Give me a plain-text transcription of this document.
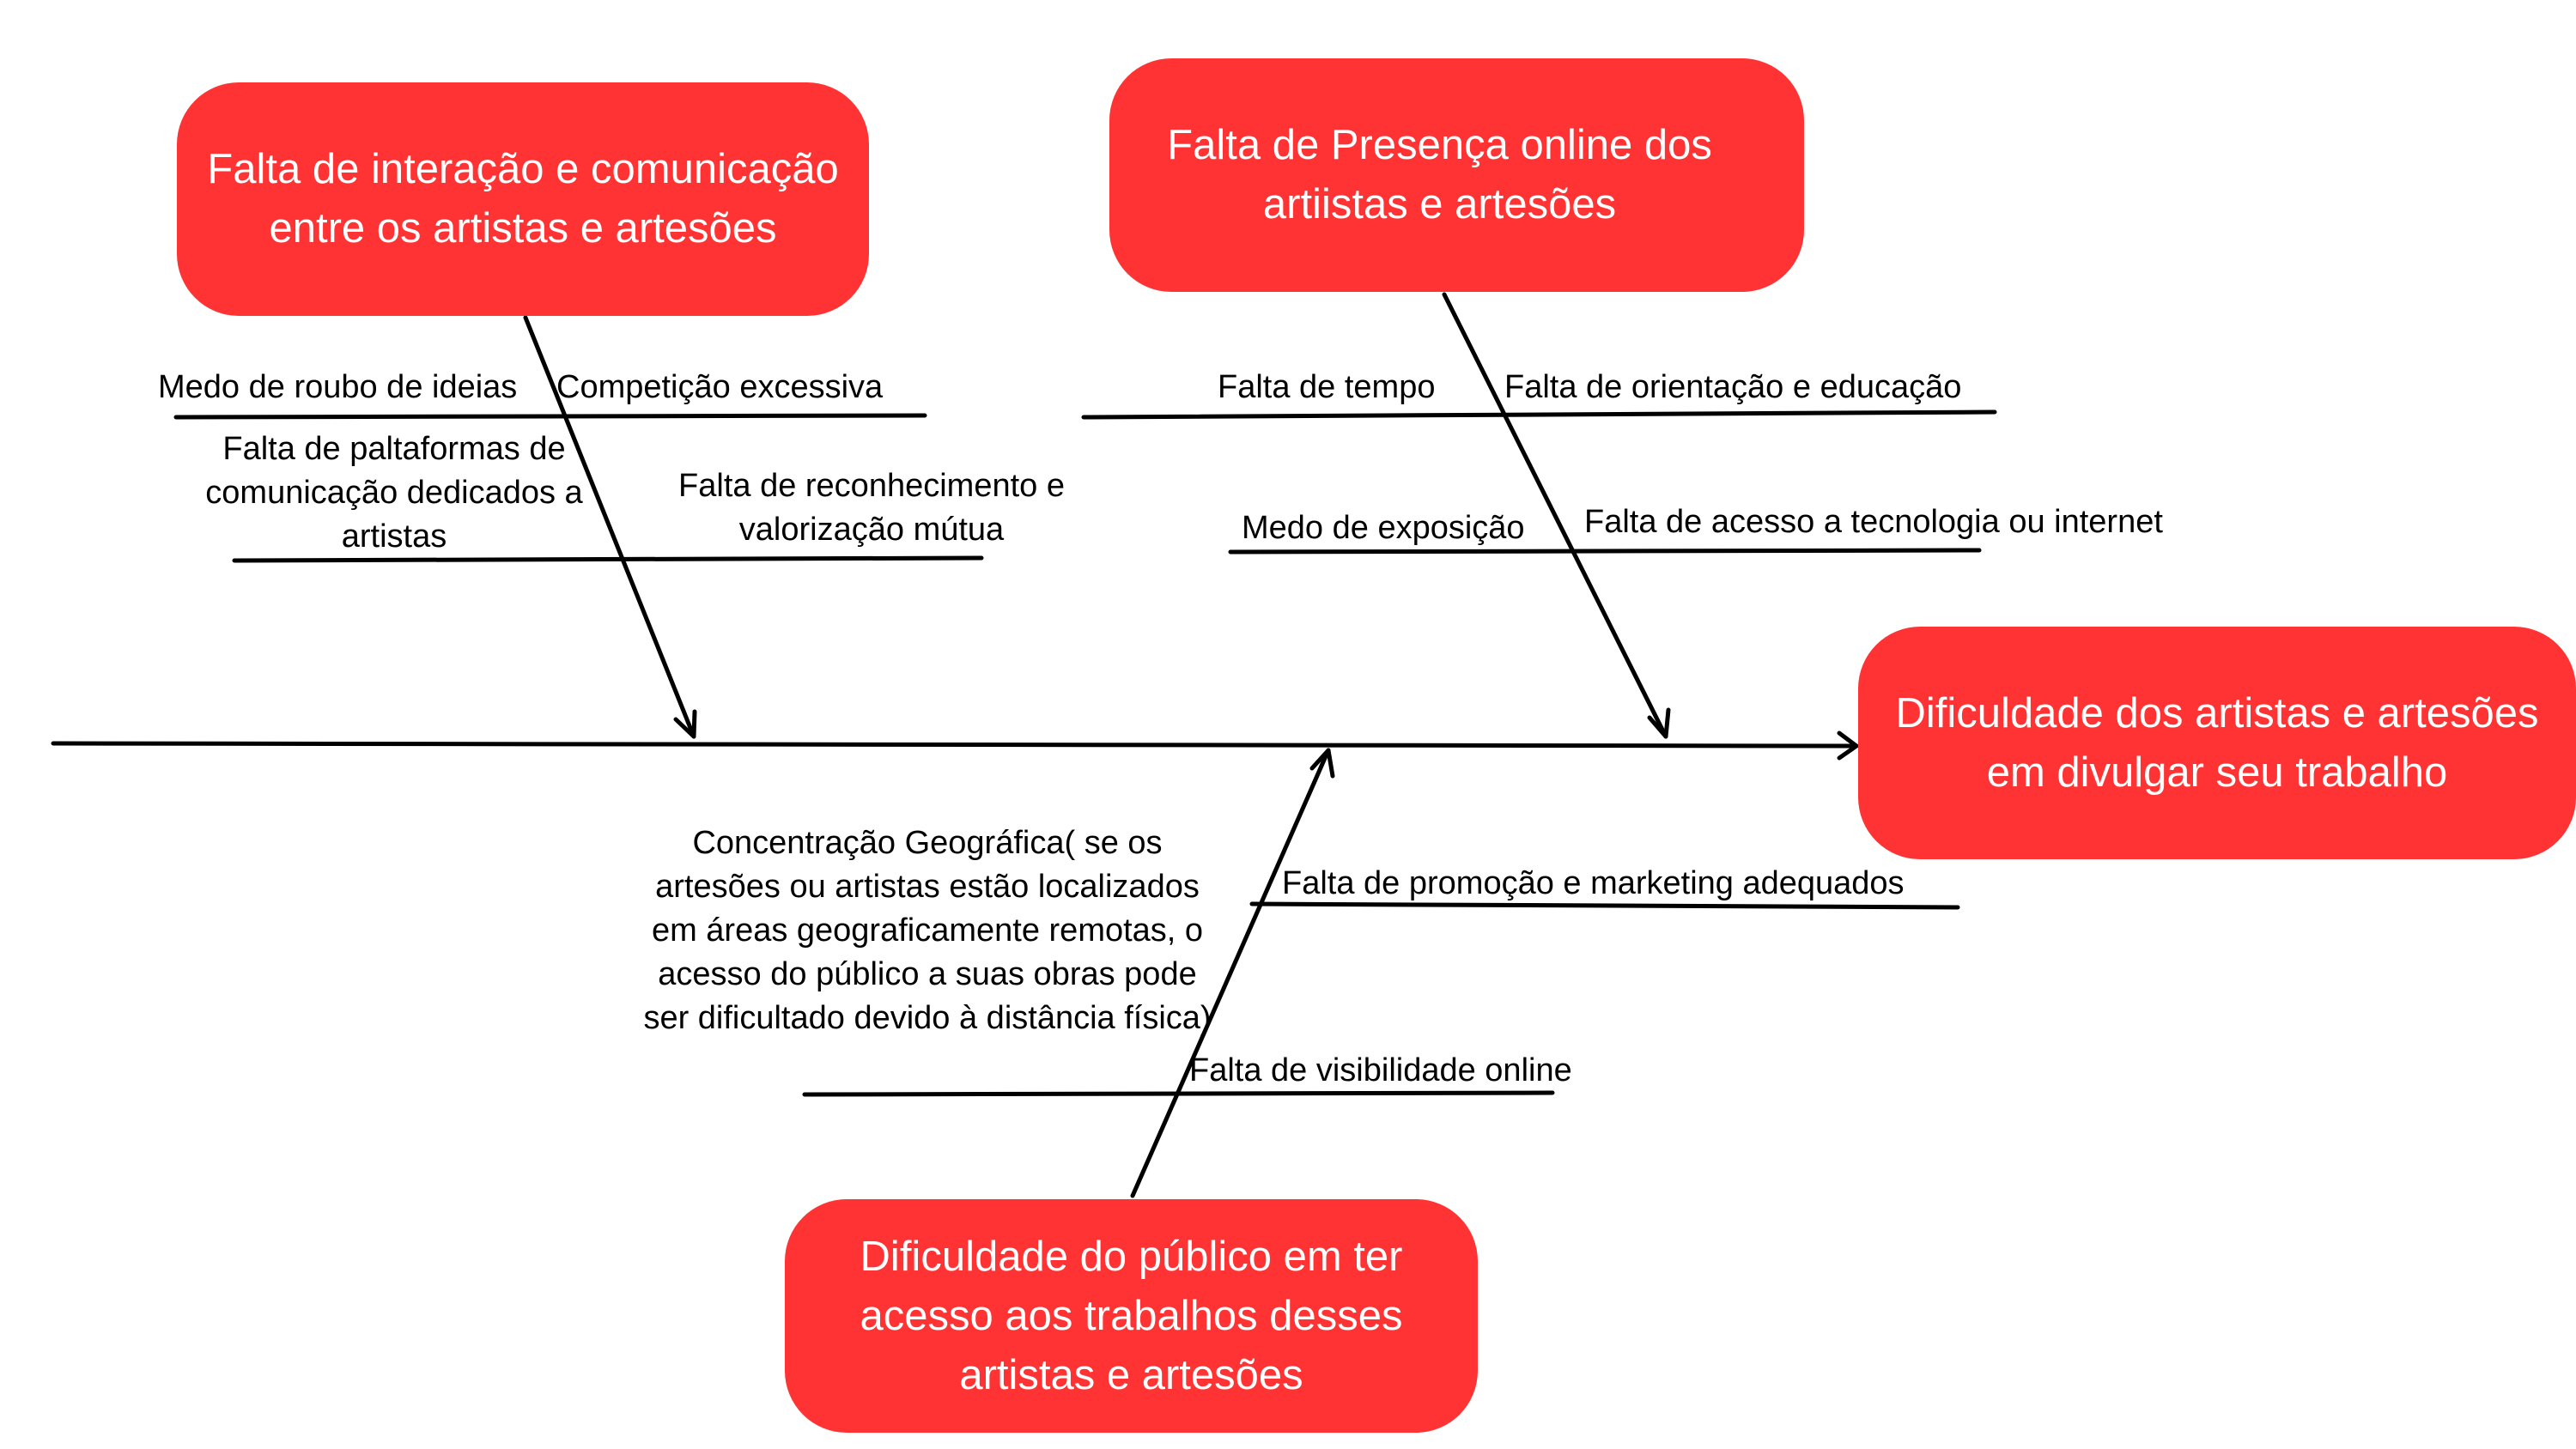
Falta de interação e comunicação entre os artistas e artesões
Falta de Presença online dos artiistas e artesões
Dificuldade do público em ter acesso aos trabalhos desses artistas e artesões
Dificuldade dos artistas e artesões em divulgar seu trabalho
Medo de roubo de ideias Competição excessiva
Falta de paltaformas de comunicação dedicados a artistas
Falta de reconhecimento e valorização mútua
Falta de tempo Falta de orientação e educação
Medo de exposição Falta de acesso a tecnologia ou internet
Falta de promoção e marketing adequados
Concentração Geográfica( se os artesões ou artistas estão localizados em áreas geograficamente remotas, o acesso do público a suas obras pode ser dificultado devido à distância física)
Falta de visibilidade online
